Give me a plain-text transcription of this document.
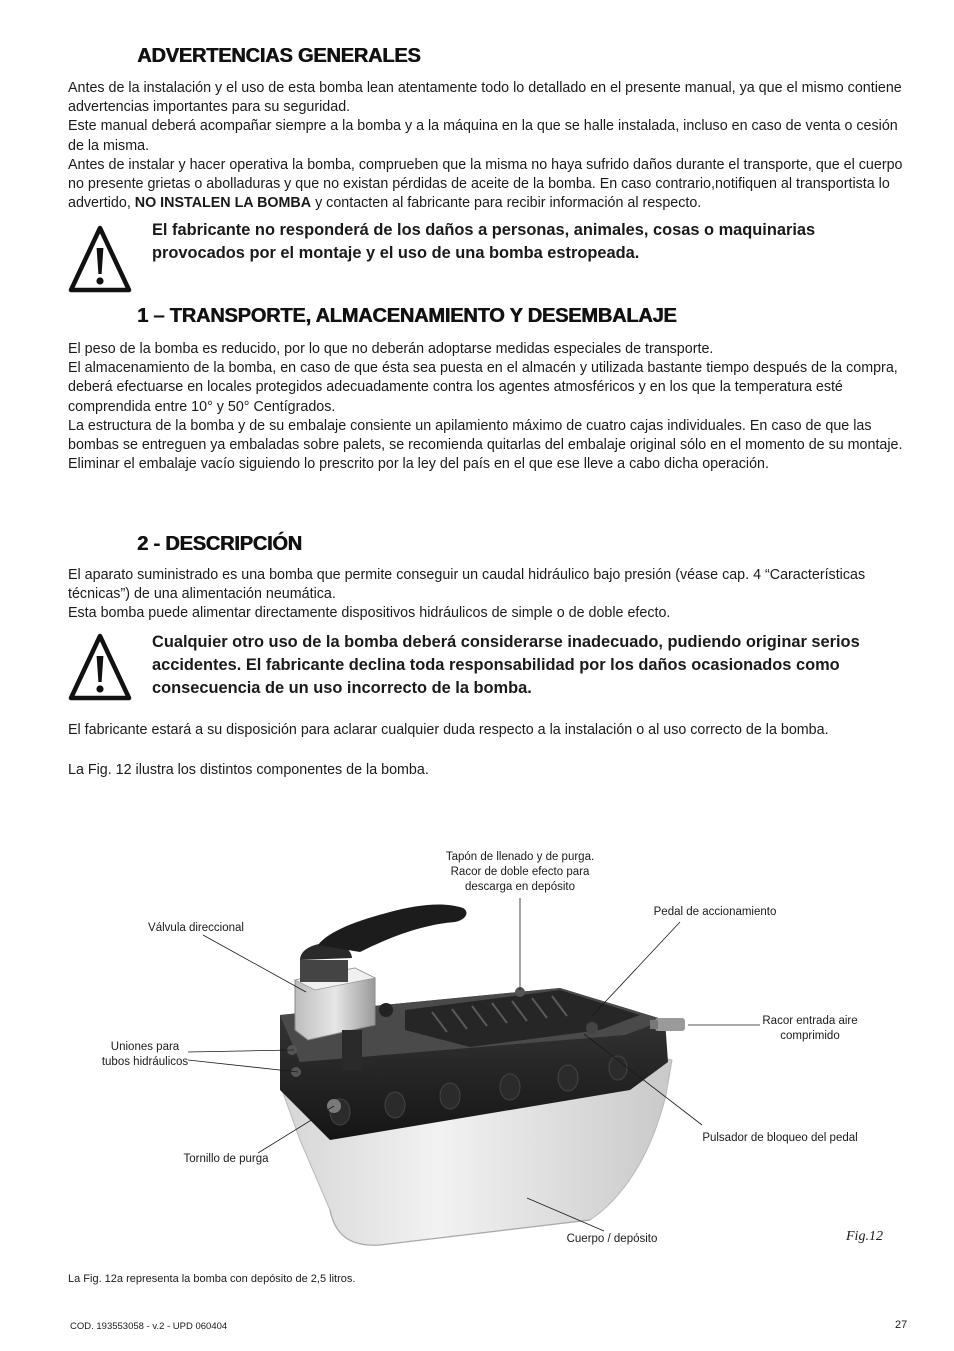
ADVERTENCIAS GENERALES

Antes de la instalación y el uso de esta bomba lean atentamente todo lo detallado en el presente manual, ya que el mismo contiene advertencias importantes para su seguridad.

Este manual deberá acompañar siempre a la bomba y a la máquina en la que se halle instalada, incluso en caso de venta o cesión de la misma.

Antes de instalar y hacer operativa la bomba, comprueben que la misma no haya sufrido daños durante el transporte, que el cuerpo no presente grietas o abolladuras y que no existan pérdidas de aceite de la bomba. En caso contrario,notifiquen al transportista lo advertido, NO INSTALEN LA BOMBA y contacten al fabricante para recibir información al respecto.

El fabricante no responderá de los daños a personas, animales, cosas o maquinarias provocados por el montaje y el uso de una bomba estropeada.

1 – TRANSPORTE, ALMACENAMIENTO Y DESEMBALAJE

El peso de la bomba es reducido, por lo que no deberán adoptarse medidas especiales de transporte.

El almacenamiento de la bomba, en caso de que ésta sea puesta en el almacén y utilizada bastante tiempo después de la compra, deberá efectuarse en locales protegidos adecuadamente contra los agentes atmosféricos y en los que la temperatura esté comprendida entre 10° y 50° Centígrados.

La estructura de la bomba y de su embalaje consiente un apilamiento máximo de cuatro cajas individuales. En caso de que las bombas se entreguen ya embaladas sobre palets, se recomienda quitarlas del embalaje original sólo en el momento de su montaje.

Eliminar el embalaje vacío siguiendo lo prescrito por la ley del país en el que ese lleve a cabo dicha operación.

2 - DESCRIPCIÓN

El aparato suministrado es una bomba que permite conseguir un caudal hidráulico bajo presión (véase cap. 4 “Características técnicas”) de una alimentación neumática.

Esta bomba puede alimentar directamente dispositivos hidráulicos de simple o de doble efecto.

Cualquier otro uso de la bomba deberá considerarse inadecuado, pudiendo originar serios accidentes. El fabricante declina toda responsabilidad por los daños ocasionados como consecuencia de un uso incorrecto de la bomba.

El fabricante estará a su disposición para aclarar cualquier duda respecto a la instalación o al uso correcto de la bomba.

La Fig. 12 ilustra los distintos componentes de la bomba.

Tapón de llenado y de purga.
Racor de doble efecto para
descarga en depósito
Pedal de accionamiento
Válvula direccional
Uniones para
tubos hidráulicos
Racor entrada aire
comprimido
Pulsador de bloqueo del pedal
Tornillo de purga
Cuerpo / depósito	Fig.12
La Fig. 12a representa la bomba con depósito de 2,5 litros.
COD. 193553058 - v.2 - UPD 060404	27
